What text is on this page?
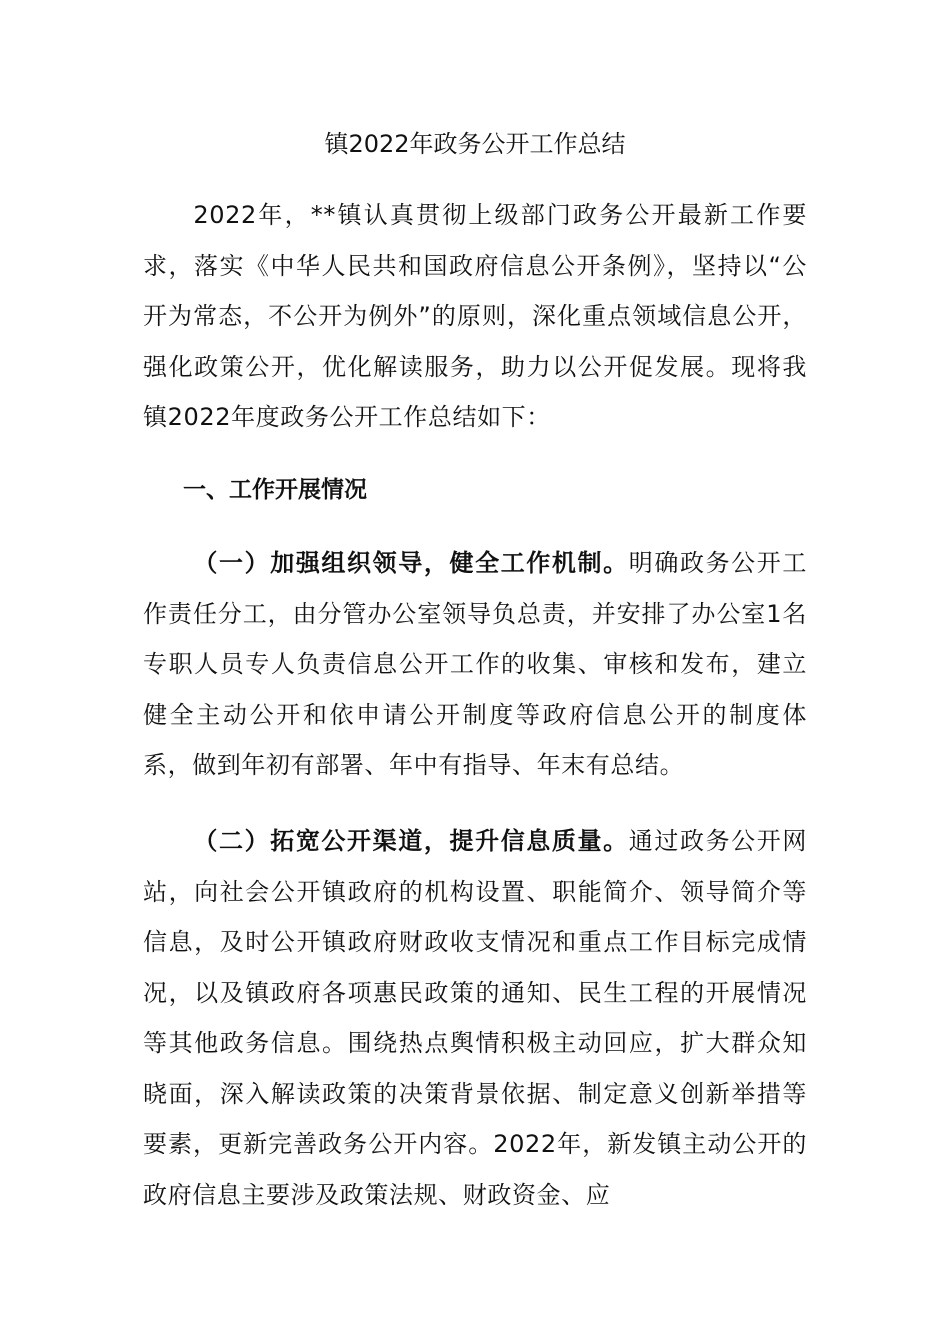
镇2022年政务公开工作总结
2022年，**镇认真贯彻上级部门政务公开最新工作要求，落实《中华人民共和国政府信息公开条例》，坚持以“公开为常态，不公开为例外”的原则，深化重点领域信息公开，强化政策公开，优化解读服务，助力以公开促发展。现将我镇2022年度政务公开工作总结如下：
一、工作开展情况
（一）加强组织领导，健全工作机制。明确政务公开工作责任分工，由分管办公室领导负总责，并安排了办公室1名专职人员专人负责信息公开工作的收集、审核和发布，建立健全主动公开和依申请公开制度等政府信息公开的制度体系，做到年初有部署、年中有指导、年末有总结。
（二）拓宽公开渠道，提升信息质量。通过政务公开网站，向社会公开镇政府的机构设置、职能简介、领导简介等信息，及时公开镇政府财政收支情况和重点工作目标完成情况，以及镇政府各项惠民政策的通知、民生工程的开展情况等其他政务信息。围绕热点舆情积极主动回应，扩大群众知晓面，深入解读政策的决策背景依据、制定意义创新举措等要素，更新完善政务公开内容。2022年，新发镇主动公开的政府信息主要涉及政策法规、财政资金、应
